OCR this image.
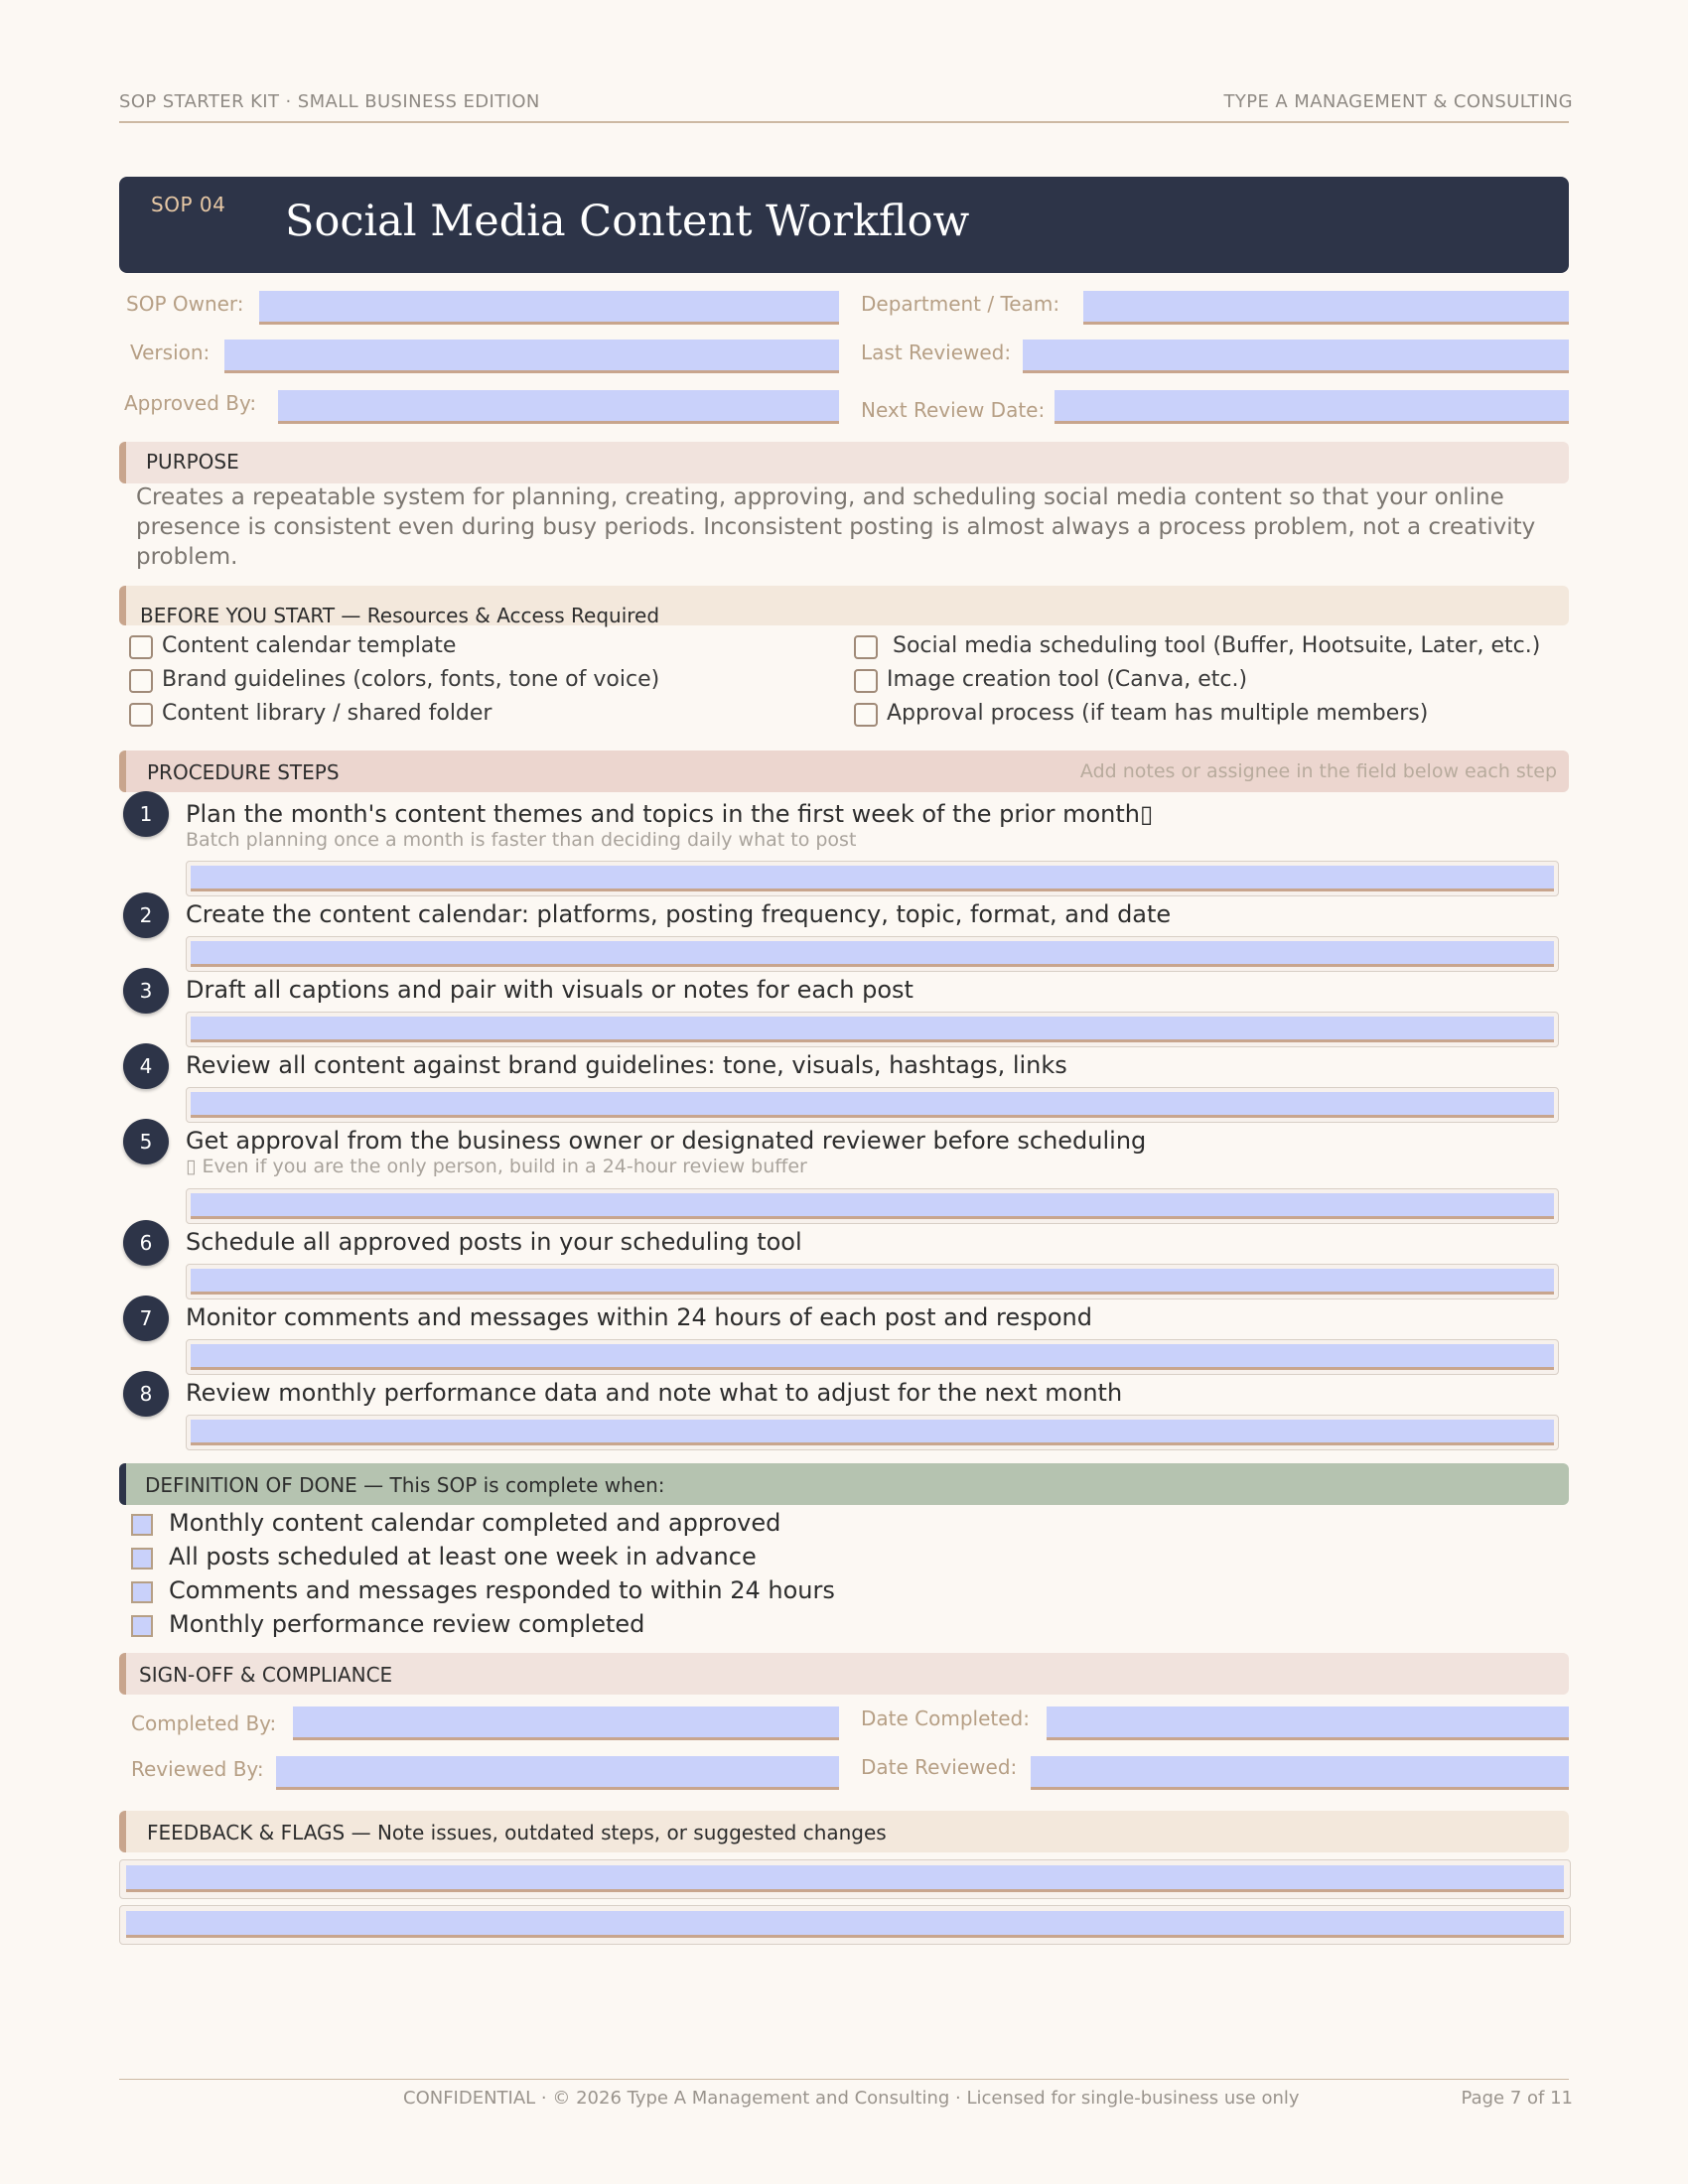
SOP STARTER KIT · SMALL BUSINESS EDITION	TYPE A MANAGEMENT & CONSULTING
SOP 04 Social Media Content Workflow
SOP Owner:	Department / Team:
Version:	Last Reviewed:
Approved By:	Next Review Date:
PURPOSE
Creates a repeatable system for planning, creating, approving, and scheduling social media content so that your online presence is consistent even during busy periods. Inconsistent posting is almost always a process problem, not a creativity problem.
BEFORE YOU START — Resources & Access Required
Content calendar template
Brand guidelines (colors, fonts, tone of voice)
Content library / shared folder
Social media scheduling tool (Buffer, Hootsuite, Later, etc.)
Image creation tool (Canva, etc.)
Approval process (if team has multiple members)
PROCEDURE STEPS	Add notes or assignee in the field below each step
1	Plan the month's content themes and topics in the first week of the prior month▯
Batch planning once a month is faster than deciding daily what to post
2	Create the content calendar: platforms, posting frequency, topic, format, and date
3	Draft all captions and pair with visuals or notes for each post
4	Review all content against brand guidelines: tone, visuals, hashtags, links
5	Get approval from the business owner or designated reviewer before scheduling
▯ Even if you are the only person, build in a 24-hour review buffer
6	Schedule all approved posts in your scheduling tool
7	Monitor comments and messages within 24 hours of each post and respond
8	Review monthly performance data and note what to adjust for the next month
DEFINITION OF DONE — This SOP is complete when:
Monthly content calendar completed and approved
All posts scheduled at least one week in advance
Comments and messages responded to within 24 hours
Monthly performance review completed
SIGN-OFF & COMPLIANCE
Completed By:	Date Completed:
Reviewed By:	Date Reviewed:
FEEDBACK & FLAGS — Note issues, outdated steps, or suggested changes
CONFIDENTIAL · © 2026 Type A Management and Consulting · Licensed for single-business use only	Page 7 of 11
